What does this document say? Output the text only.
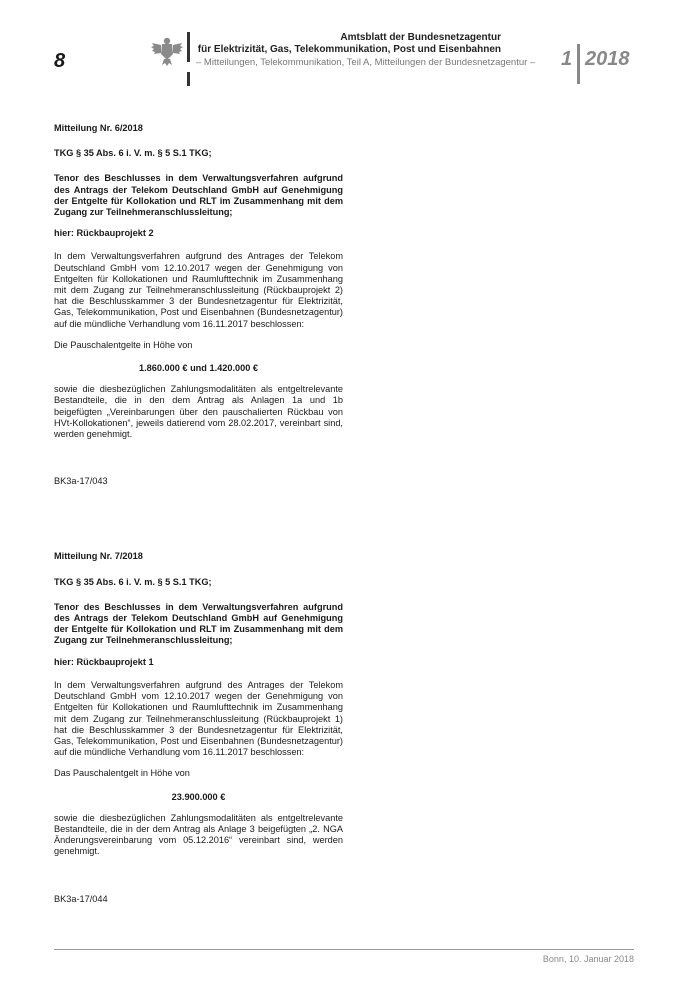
8
Amtsblatt der Bundesnetzagentur
für Elektrizität, Gas, Telekommunikation, Post und Eisenbahnen
– Mitteilungen, Telekommunikation, Teil A, Mitteilungen der Bundesnetzagentur – 1 2018

Mitteilung Nr. 6/2018

TKG § 35 Abs. 6 i. V. m. § 5 S.1 TKG;

Tenor des Beschlusses in dem Verwaltungsverfahren aufgrund des Antrags der Telekom Deutschland GmbH auf Genehmigung der Entgelte für Kollokation und RLT im Zusammenhang mit dem Zugang zur Teilnehmeranschlussleitung;

hier: Rückbauprojekt 2

In dem Verwaltungsverfahren aufgrund des Antrages der Telekom Deutschland GmbH vom 12.10.2017 wegen der Genehmigung von Entgelten für Kollokationen und Raumlufttechnik im Zusammenhang mit dem Zugang zur Teilnehmeranschlussleitung (Rückbauprojekt 2) hat die Beschlusskammer 3 der Bundesnetzagentur für Elektrizität, Gas, Telekommunikation, Post und Eisenbahnen (Bundesnetzagentur) auf die mündliche Verhandlung vom 16.11.2017 beschlossen:

Die Pauschalentgelte in Höhe von

1.860.000 € und 1.420.000 €

sowie die diesbezüglichen Zahlungsmodalitäten als entgeltrelevante Bestandteile, die in den dem Antrag als Anlagen 1a und 1b beigefügten „Vereinbarungen über den pauschalierten Rückbau von HVt-Kollokationen“, jeweils datierend vom 28.02.2017, vereinbart sind, werden genehmigt.

BK3a-17/043

Mitteilung Nr. 7/2018

TKG § 35 Abs. 6 i. V. m. § 5 S.1 TKG;

Tenor des Beschlusses in dem Verwaltungsverfahren aufgrund des Antrags der Telekom Deutschland GmbH auf Genehmigung der Entgelte für Kollokation und RLT im Zusammenhang mit dem Zugang zur Teilnehmeranschlussleitung;

hier: Rückbauprojekt 1

In dem Verwaltungsverfahren aufgrund des Antrages der Telekom Deutschland GmbH vom 12.10.2017 wegen der Genehmigung von Entgelten für Kollokationen und Raumlufttechnik im Zusammenhang mit dem Zugang zur Teilnehmeranschlussleitung (Rückbauprojekt 1) hat die Beschlusskammer 3 der Bundesnetzagentur für Elektrizität, Gas, Telekommunikation, Post und Eisenbahnen (Bundesnetzagentur) auf die mündliche Verhandlung vom 16.11.2017 beschlossen:

Das Pauschalentgelt in Höhe von

23.900.000 €

sowie die diesbezüglichen Zahlungsmodalitäten als entgeltrelevante Bestandteile, die in der dem Antrag als Anlage 3 beigefügten „2. NGA Änderungsvereinbarung vom 05.12.2016“ vereinbart sind, werden genehmigt.

BK3a-17/044

Bonn, 10. Januar 2018
